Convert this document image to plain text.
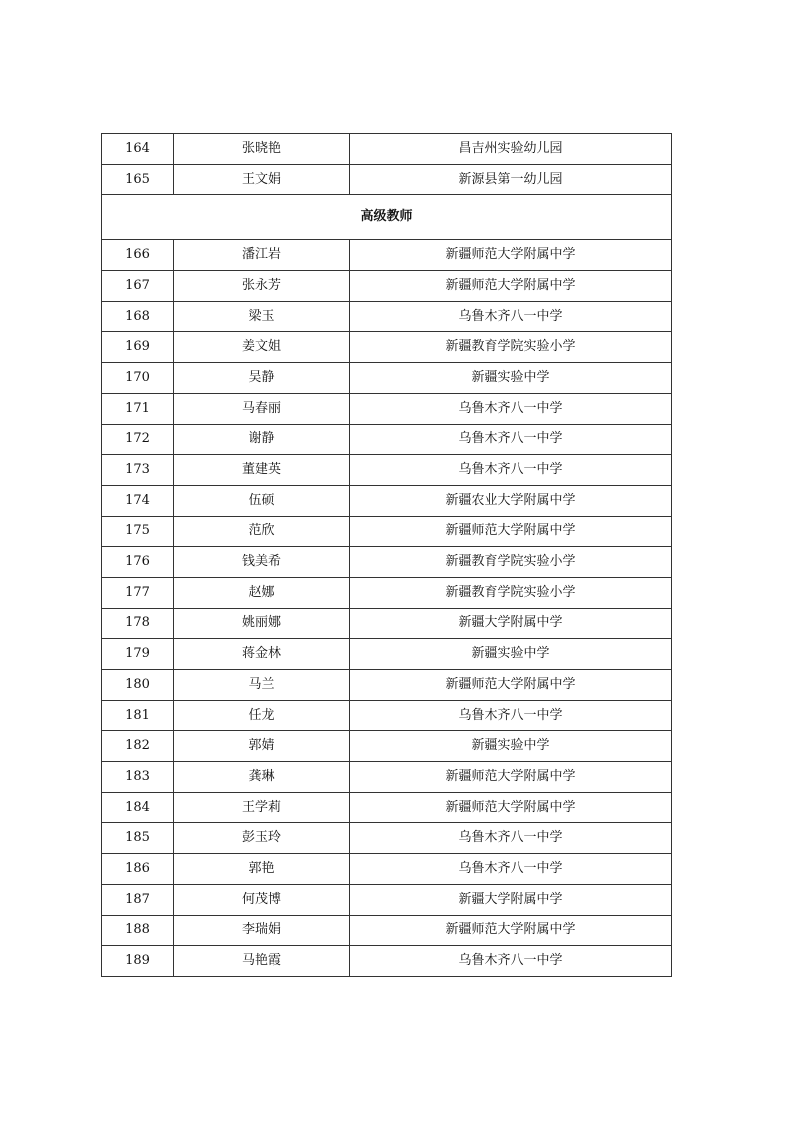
164	张晓艳	昌吉州实验幼儿园
165	王文娟	新源县第一幼儿园
高级教师		
166	潘江岩	新疆师范大学附属中学
167	张永芳	新疆师范大学附属中学
168	梁玉	乌鲁木齐八一中学
169	姜文姐	新疆教育学院实验小学
170	吴静	新疆实验中学
171	马春丽	乌鲁木齐八一中学
172	谢静	乌鲁木齐八一中学
173	董建英	乌鲁木齐八一中学
174	伍硕	新疆农业大学附属中学
175	范欣	新疆师范大学附属中学
176	钱美希	新疆教育学院实验小学
177	赵娜	新疆教育学院实验小学
178	姚丽娜	新疆大学附属中学
179	蒋金林	新疆实验中学
180	马兰	新疆师范大学附属中学
181	任龙	乌鲁木齐八一中学
182	郭婧	新疆实验中学
183	龚琳	新疆师范大学附属中学
184	王学莉	新疆师范大学附属中学
185	彭玉玲	乌鲁木齐八一中学
186	郭艳	乌鲁木齐八一中学
187	何茂博	新疆大学附属中学
188	李瑞娟	新疆师范大学附属中学
189	马艳霞	乌鲁木齐八一中学
